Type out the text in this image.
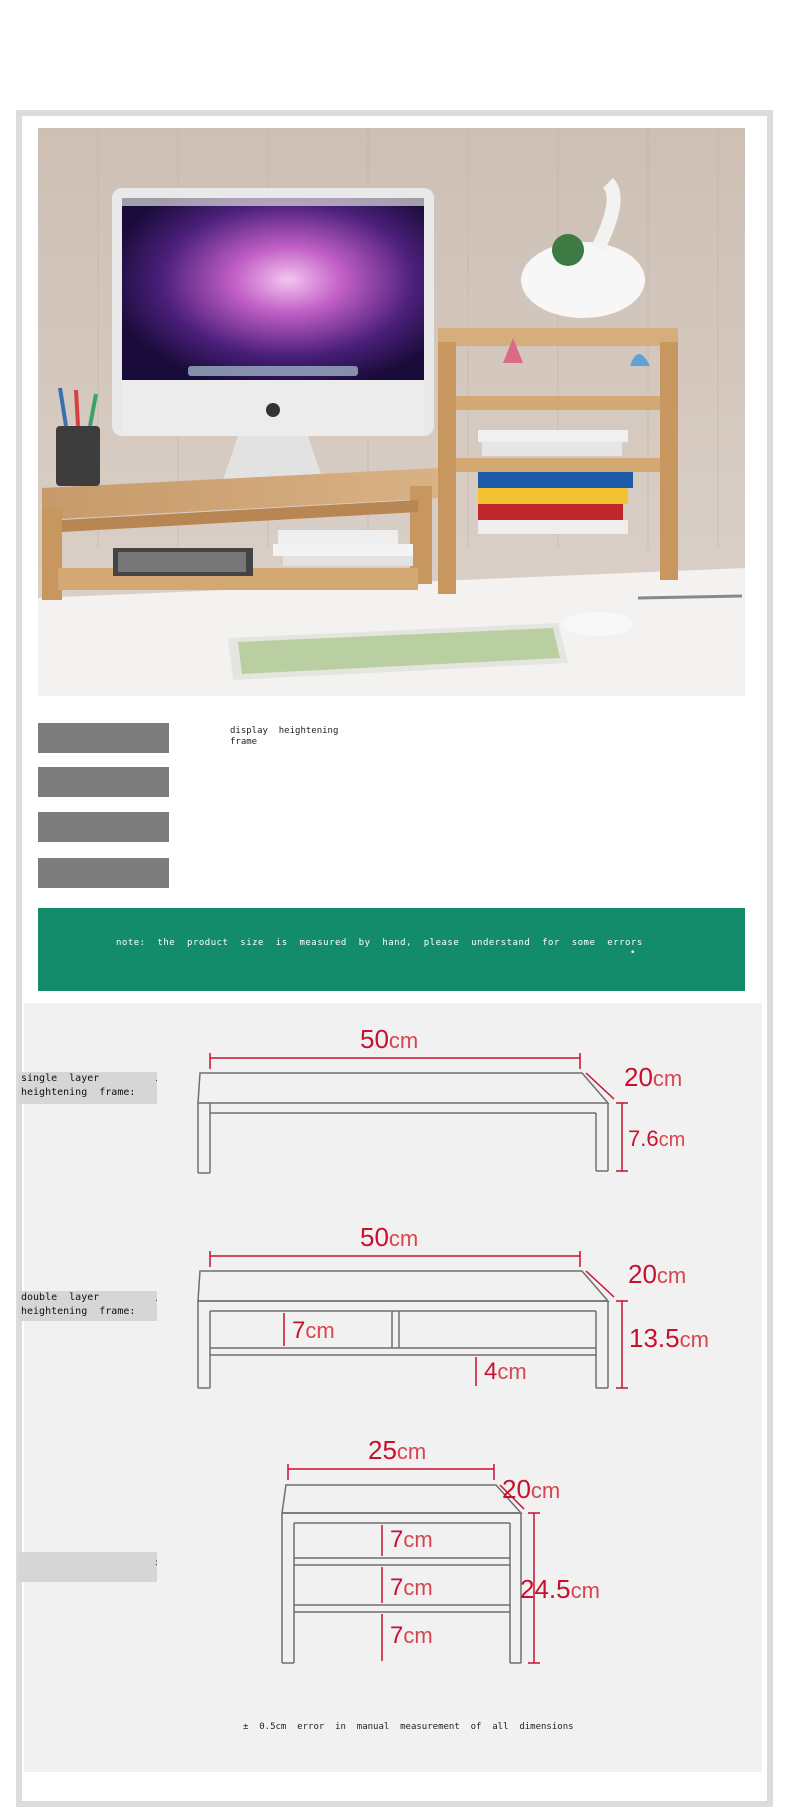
display  heightening
frame
note:  the  product  size  is  measured  by  hand,  please  understand  for  some  errors
•
50cm
20cm
7.6cm
50cm
20cm
13.5cm
7cm
4cm
25cm
20cm
24.5cm
7cm
7cm
7cm
single  layer
heightening  frame:
.
double  layer
heightening  frame:
.
:
±  0.5cm  error  in  manual  measurement  of  all  dimensions
